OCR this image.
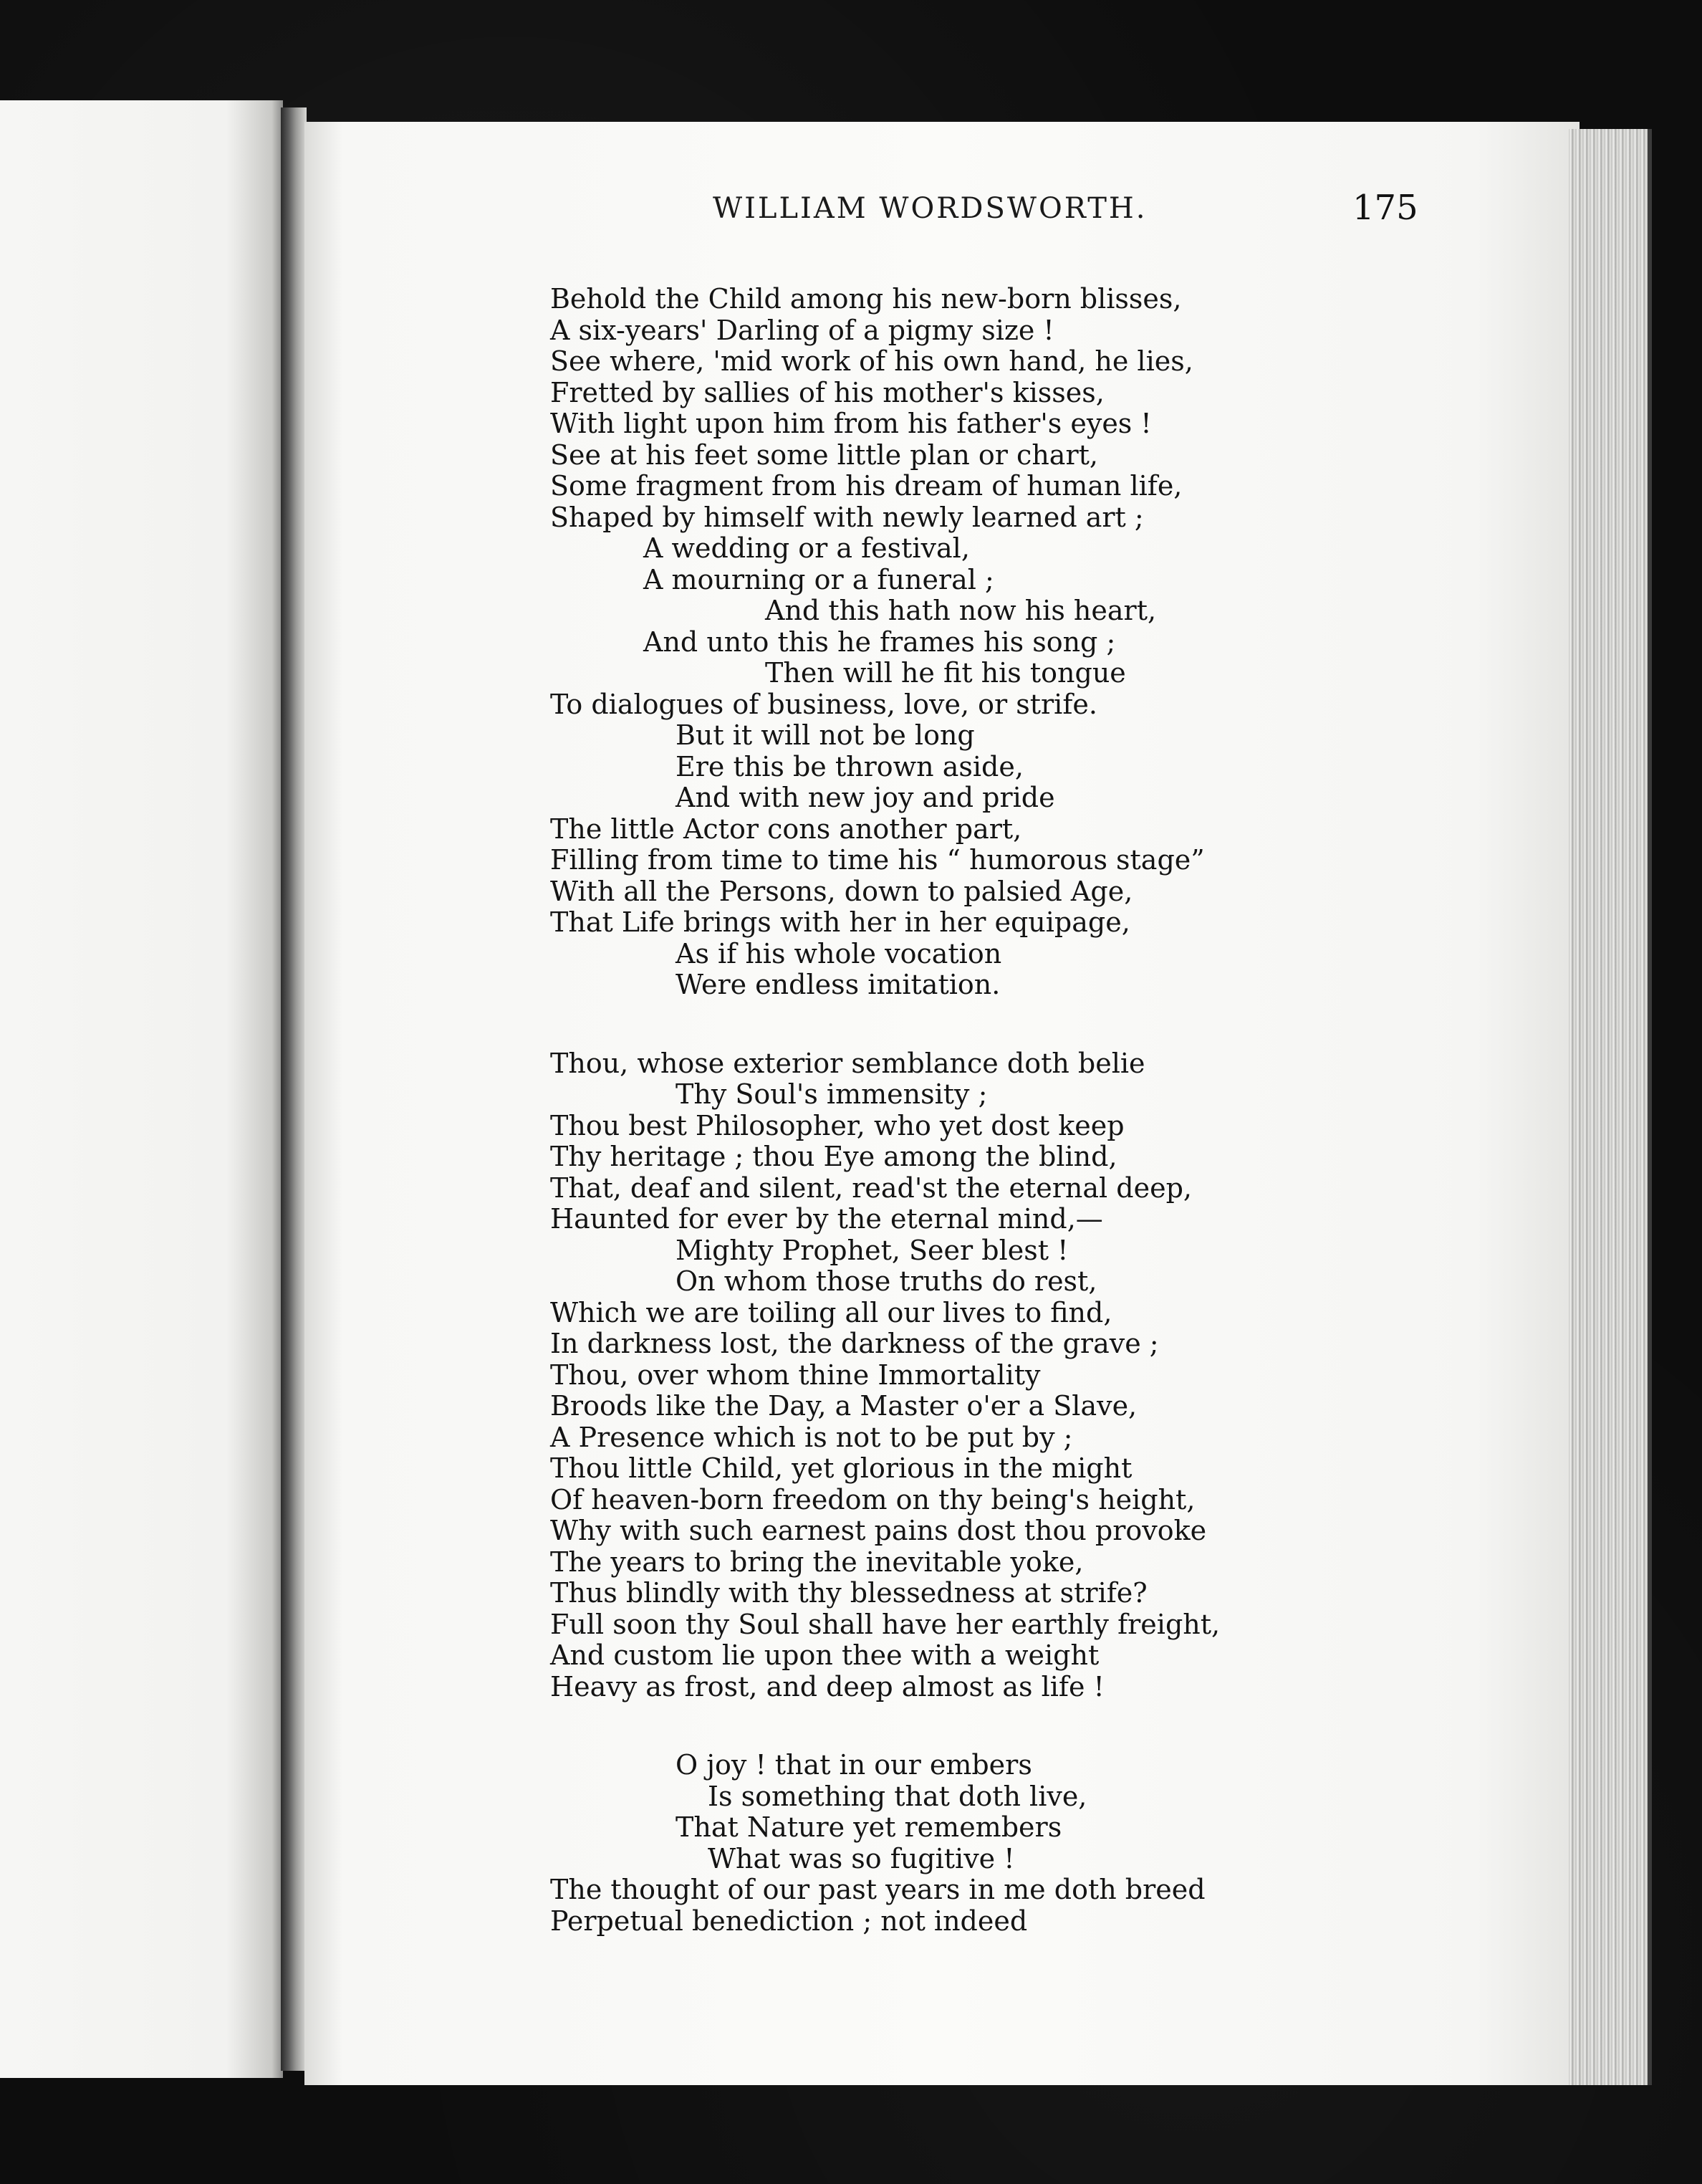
WILLIAM WORDSWORTH.	175
Behold the Child among his new-born blisses,
A six-years' Darling of a pigmy size !
See where, 'mid work of his own hand, he lies,
Fretted by sallies of his mother's kisses,
With light upon him from his father's eyes !
See at his feet some little plan or chart,
Some fragment from his dream of human life,
Shaped by himself with newly learned art ;
A wedding or a festival,
A mourning or a funeral ;
And this hath now his heart,
And unto this he frames his song ;
Then will he fit his tongue
To dialogues of business, love, or strife.
But it will not be long
Ere this be thrown aside,
And with new joy and pride
The little Actor cons another part,
Filling from time to time his “ humorous stage”
With all the Persons, down to palsied Age,
That Life brings with her in her equipage,
As if his whole vocation
Were endless imitation.
Thou, whose exterior semblance doth belie
Thy Soul's immensity ;
Thou best Philosopher, who yet dost keep
Thy heritage ; thou Eye among the blind,
That, deaf and silent, read'st the eternal deep,
Haunted for ever by the eternal mind,—
Mighty Prophet, Seer blest !
On whom those truths do rest,
Which we are toiling all our lives to find,
In darkness lost, the darkness of the grave ;
Thou, over whom thine Immortality
Broods like the Day, a Master o'er a Slave,
A Presence which is not to be put by ;
Thou little Child, yet glorious in the might
Of heaven-born freedom on thy being's height,
Why with such earnest pains dost thou provoke
The years to bring the inevitable yoke,
Thus blindly with thy blessedness at strife?
Full soon thy Soul shall have her earthly freight,
And custom lie upon thee with a weight
Heavy as frost, and deep almost as life !
O joy ! that in our embers
Is something that doth live,
That Nature yet remembers
What was so fugitive !
The thought of our past years in me doth breed
Perpetual benediction ; not indeed
